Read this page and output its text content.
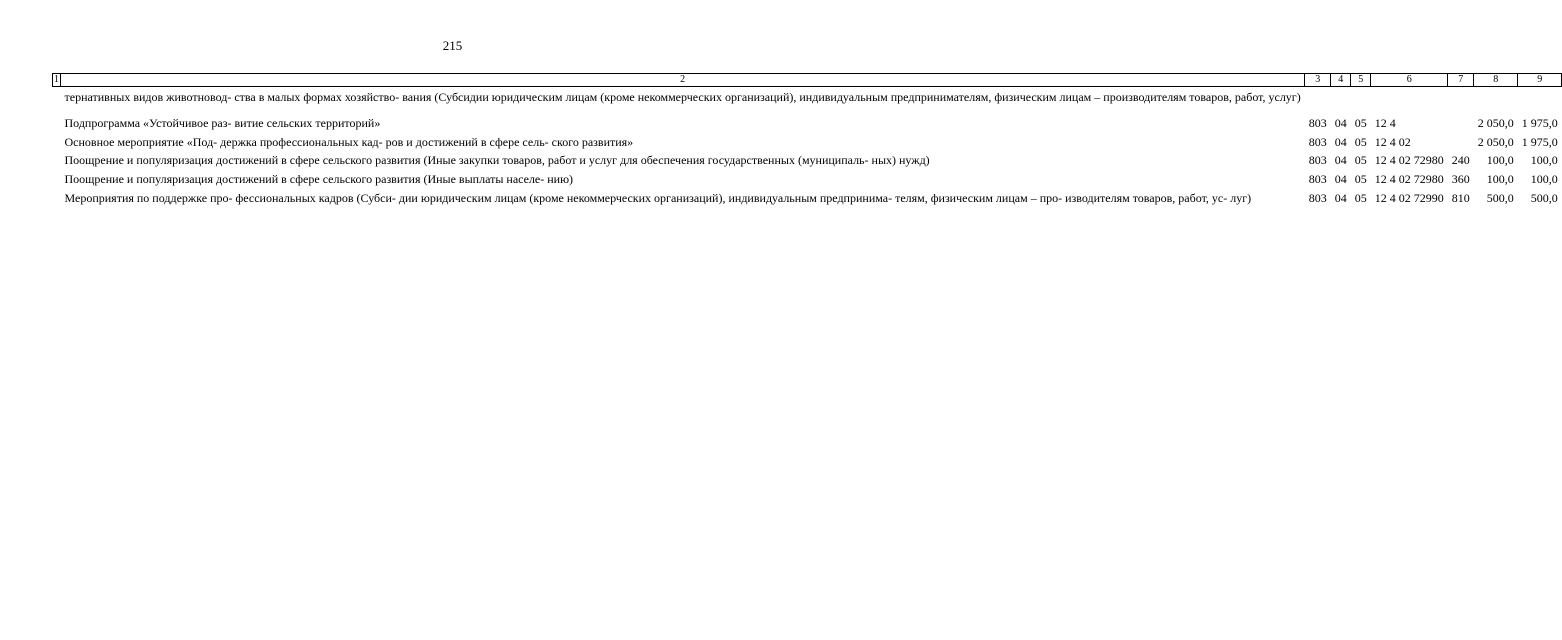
215
1	2	3	4	5	6	7	8	9
	тернативных видов животновод- ства в малых формах хозяйство- вания (Субсидии юридическим лицам (кроме некоммерческих организаций), индивидуальным предпринимателям, физическим лицам – производителям товаров, работ, услуг)							
	Подпрограмма «Устойчивое раз- витие сельских территорий»	803	04	05	12 4		2 050,0	1 975,0
	Основное мероприятие «Под- держка профессиональных кад- ров и достижений в сфере сель- ского развития»	803	04	05	12 4 02		2 050,0	1 975,0
	Поощрение и популяризация достижений в сфере сельского развития (Иные закупки товаров, работ и услуг для обеспечения государственных (муниципаль- ных) нужд)	803	04	05	12 4 02 72980	240	100,0	100,0
	Поощрение и популяризация достижений в сфере сельского развития (Иные выплаты населе- нию)	803	04	05	12 4 02 72980	360	100,0	100,0
	Мероприятия по поддержке про- фессиональных кадров (Субси- дии юридическим лицам (кроме некоммерческих организаций), индивидуальным предпринима- телям, физическим лицам – про- изводителям товаров, работ, ус- луг)	803	04	05	12 4 02 72990	810	500,0	500,0
